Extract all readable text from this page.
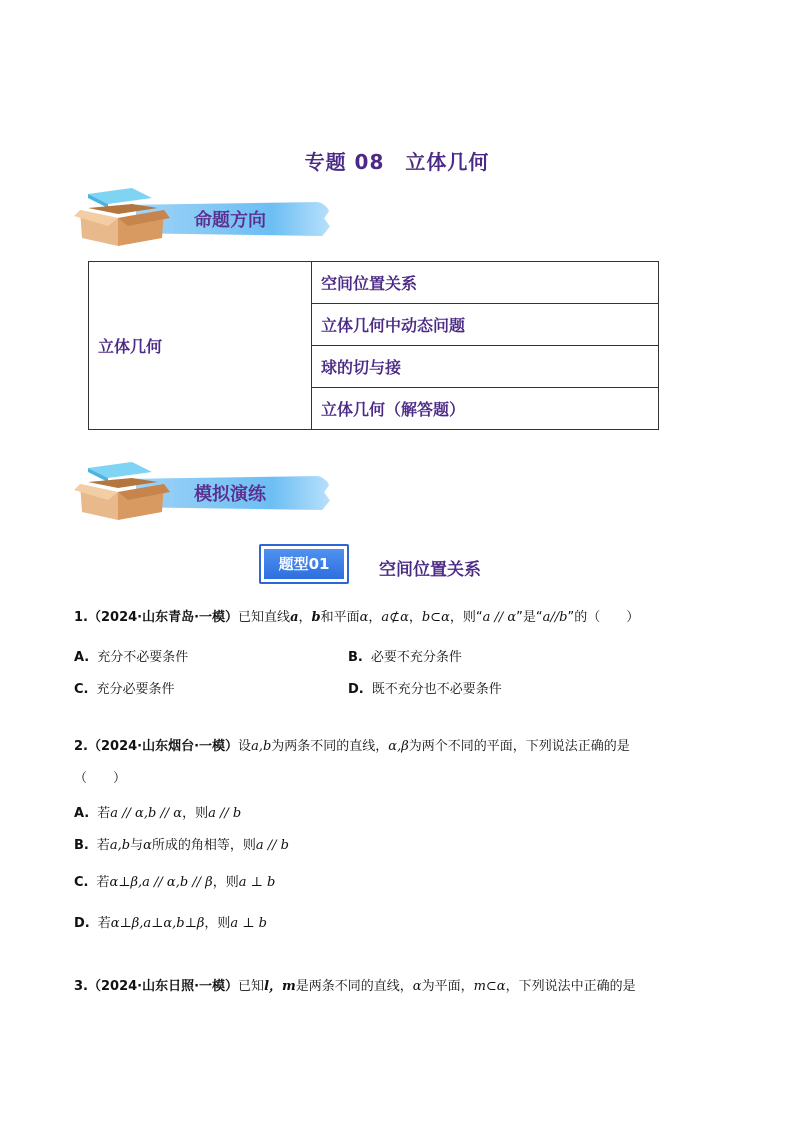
专题 08　立体几何
命题方向
立体几何	空间位置关系
立体几何中动态问题
球的切与接
立体几何（解答题）
模拟演练
题型01	空间位置关系
1.（2024·山东青岛·一模）已知直线a，b和平面α，a⊄α，b⊂α，则“a // α”是“a//b”的（　　）
A. 充分不必要条件	B. 必要不充分条件
C. 充分必要条件	D. 既不充分也不必要条件
2.（2024·山东烟台·一模）设a,b为两条不同的直线，α,β为两个不同的平面，下列说法正确的是
（　　）
A. 若a // α,b // α，则a // b
B. 若a,b与α所成的角相等，则a // b
C. 若α⊥β,a // α,b // β，则a ⊥ b
D. 若α⊥β,a⊥α,b⊥β，则a ⊥ b
3.（2024·山东日照·一模）已知l，m是两条不同的直线，α为平面，m⊂α，下列说法中正确的是
